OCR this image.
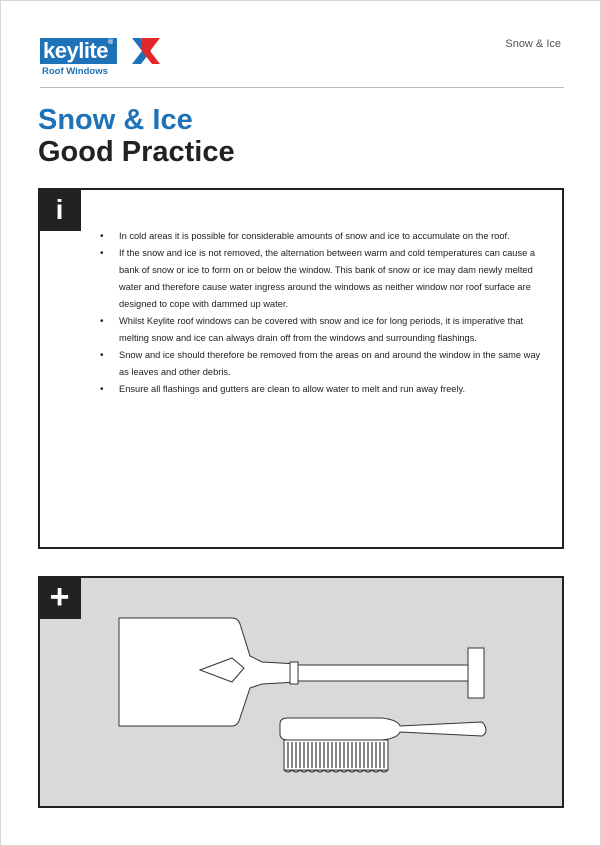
keylite®
Roof Windows
Snow & Ice
Snow & Ice
Good Practice
i
• In cold areas it is possible for considerable amounts of snow and ice to accumulate on the roof.
• If the snow and ice is not removed, the alternation between warm and cold temperatures can cause a bank of snow or ice to form on or below the window. This bank of snow or ice may dam newly melted water and therefore cause water ingress around the windows as neither window nor roof surface are designed to cope with dammed up water.
• Whilst Keylite roof windows can be covered with snow and ice for long periods, it is imperative that melting snow and ice can always drain off from the windows and surrounding flashings.
• Snow and ice should therefore be removed from the areas on and around the window in the same way as leaves and other debris.
• Ensure all flashings and gutters are clean to allow water to melt and run away freely.
+
